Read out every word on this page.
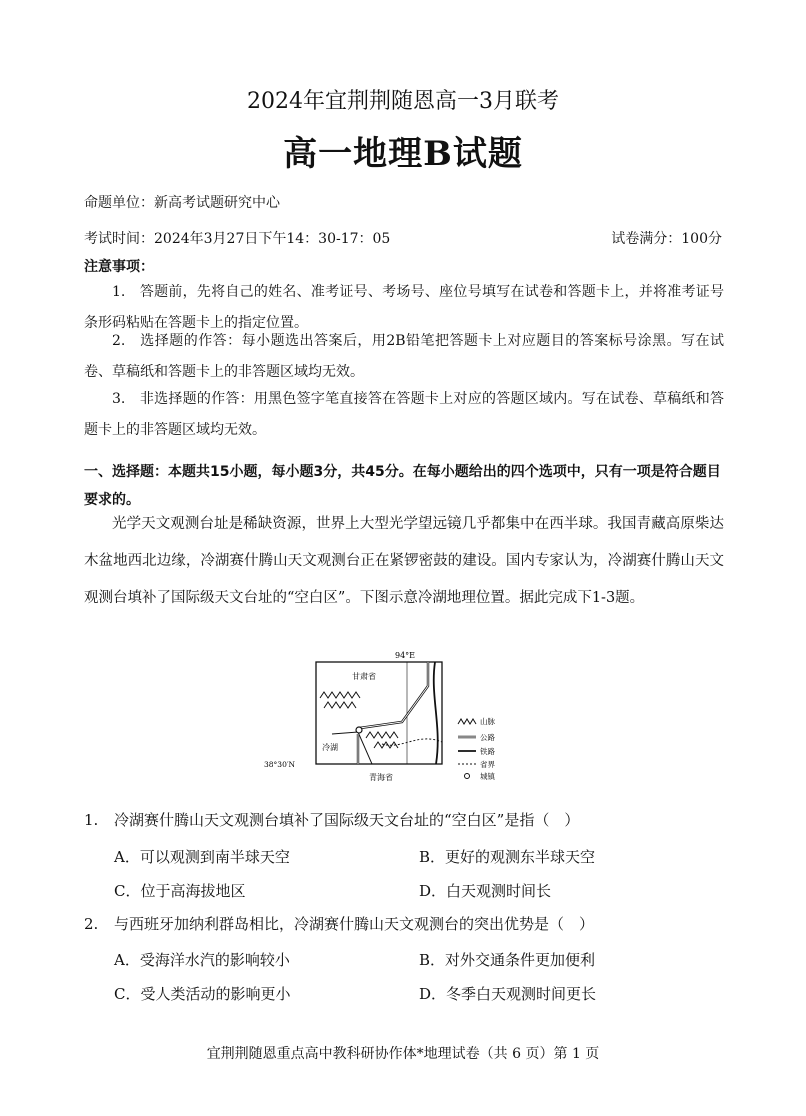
2024年宜荆荆随恩高一3月联考
高一地理B试题
命题单位：新高考试题研究中心
考试时间：2024年3月27日下午14：30-17：05	试卷满分：100分
注意事项：
1.　答题前，先将自己的姓名、准考证号、考场号、座位号填写在试卷和答题卡上，并将准考证号条形码粘贴在答题卡上的指定位置。
2.　选择题的作答：每小题选出答案后，用2B铅笔把答题卡上对应题目的答案标号涂黑。写在试卷、草稿纸和答题卡上的非答题区域均无效。
3.　非选择题的作答：用黑色签字笔直接答在答题卡上对应的答题区域内。写在试卷、草稿纸和答题卡上的非答题区域均无效。
一、选择题：本题共15小题，每小题3分，共45分。在每小题给出的四个选项中，只有一项是符合题目要求的。
光学天文观测台址是稀缺资源，世界上大型光学望远镜几乎都集中在西半球。我国青藏高原柴达木盆地西北边缘，冷湖赛什腾山天文观测台正在紧锣密鼓的建设。国内专家认为，冷湖赛什腾山天文观测台填补了国际级天文台址的“空白区”。下图示意冷湖地理位置。据此完成下1-3题。
94°E
38°30′N
甘肃省
青海省
冷湖
山脉
公路
铁路
省界
城镇
1. 冷湖赛什腾山天文观测台填补了国际级天文台址的“空白区”是指（　）
A．可以观测到南半球天空	B．更好的观测东半球天空
C．位于高海拔地区	D．白天观测时间长
2. 与西班牙加纳利群岛相比，冷湖赛什腾山天文观测台的突出优势是（　）
A．受海洋水汽的影响较小	B．对外交通条件更加便利
C．受人类活动的影响更小	D．冬季白天观测时间更长
宜荆荆随恩重点高中教科研协作体*地理试卷（共 6 页）第 1 页
